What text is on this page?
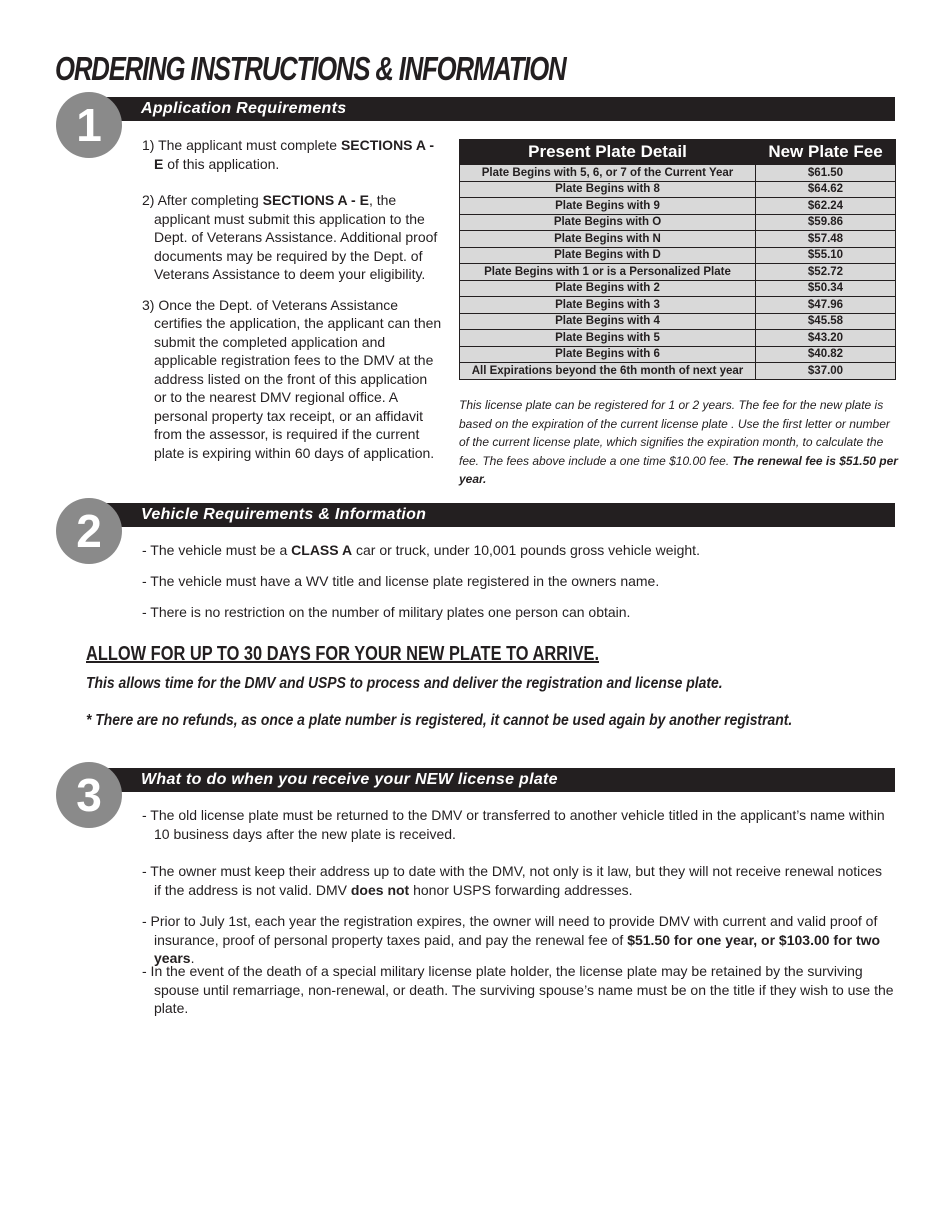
ORDERING INSTRUCTIONS & INFORMATION
Application Requirements
1	1) The applicant must complete SECTIONS A - E of this application.

2) After completing SECTIONS A - E, the applicant must submit this application to the Dept. of Veterans Assistance. Additional proof documents may be required by the Dept. of Veterans Assistance to deem your eligibility.

3) Once the Dept. of Veterans Assistance certifies the application, the applicant can then submit the completed application and applicable registration fees to the DMV at the address listed on the front of this application or to the nearest DMV regional office. A personal property tax receipt, or an affidavit from the assessor, is required if the current plate is expiring within 60 days of application.

Present Plate Detail	New Plate Fee

Plate Begins with 5, 6, or 7 of the Current Year	$61.50
Plate Begins with 8	$64.62
Plate Begins with 9	$62.24
Plate Begins with O	$59.86
Plate Begins with N	$57.48
Plate Begins with D	$55.10
Plate Begins with 1 or is a Personalized Plate	$52.72
Plate Begins with 2	$50.34
Plate Begins with 3	$47.96
Plate Begins with 4	$45.58
Plate Begins with 5	$43.20
Plate Begins with 6	$40.82
All Expirations beyond the 6th month of next year	$37.00
This license plate can be registered for 1 or 2 years. The fee for the new plate is based on the expiration of the current license plate . Use the first letter or number of the current license plate, which signifies the expiration month, to calculate the fee. The fees above include a one time $10.00 fee. The renewal fee is $51.50 per year.
Vehicle Requirements & Information
2	- The vehicle must be a CLASS A car or truck, under 10,001 pounds gross vehicle weight.

- The vehicle must have a WV title and license plate registered in the owners name.

- There is no restriction on the number of military plates one person can obtain.

ALLOW FOR UP TO 30 DAYS FOR YOUR NEW PLATE TO ARRIVE.
This allows time for the DMV and USPS to process and deliver the registration and license plate.
* There are no refunds, as once a plate number is registered, it cannot be used again by another registrant.
What to do when you receive your NEW license plate
3	- The old license plate must be returned to the DMV or transferred to another vehicle titled in the applicant’s name within 10 business days after the new plate is received.

- The owner must keep their address up to date with the DMV, not only is it law, but they will not receive renewal notices if the address is not valid. DMV does not honor USPS forwarding addresses.

- Prior to July 1st, each year the registration expires, the owner will need to provide DMV with current and valid proof of insurance, proof of personal property taxes paid, and pay the renewal fee of $51.50 for one year, or $103.00 for two years.

- In the event of the death of a special military license plate holder, the license plate may be retained by the surviving spouse until remarriage, non-renewal, or death. The surviving spouse’s name must be on the title if they wish to use the plate.
